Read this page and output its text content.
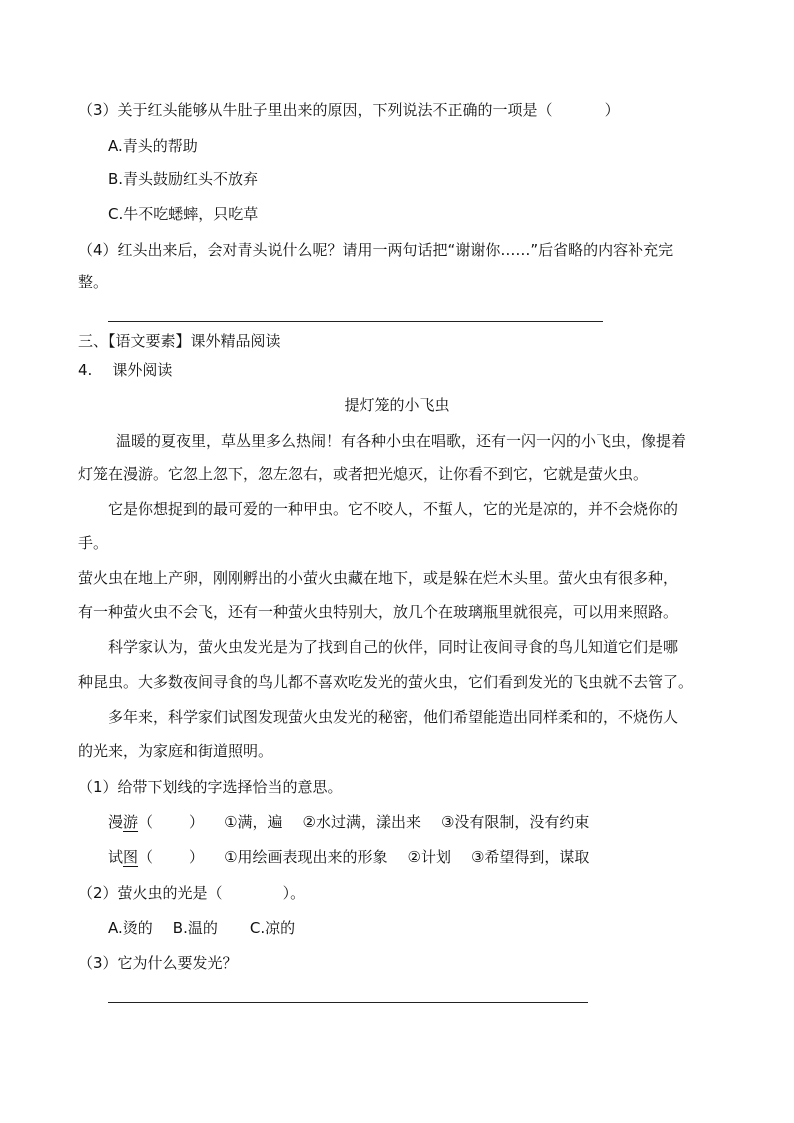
（3）关于红头能够从牛肚子里出来的原因，下列说法不正确的一项是（	）
A.青头的帮助
B.青头鼓励红头不放弃
C.牛不吃蟋蟀，只吃草
（4）红头出来后，会对青头说什么呢？请用一两句话把“谢谢你……”后省略的内容补充完
整。
三、【语文要素】课外精品阅读
4. 课外阅读
提灯笼的小飞虫
温暖的夏夜里，草丛里多么热闹！有各种小虫在唱歌，还有一闪一闪的小飞虫，像提着
灯笼在漫游。它忽上忽下，忽左忽右，或者把光熄灭，让你看不到它，它就是萤火虫。
它是你想捉到的最可爱的一种甲虫。它不咬人，不蜇人，它的光是凉的，并不会烧你的
手。
萤火虫在地上产卵，刚刚孵出的小萤火虫藏在地下，或是躲在烂木头里。萤火虫有很多种，
有一种萤火虫不会飞，还有一种萤火虫特别大，放几个在玻璃瓶里就很亮，可以用来照路。
科学家认为，萤火虫发光是为了找到自己的伙伴，同时让夜间寻食的鸟儿知道它们是哪
种昆虫。大多数夜间寻食的鸟儿都不喜欢吃发光的萤火虫，它们看到发光的飞虫就不去管了。
多年来，科学家们试图发现萤火虫发光的秘密，他们希望能造出同样柔和的，不烧伤人
的光来，为家庭和街道照明。
（1）给带下划线的字选择恰当的意思。
漫游（ ） ①满，遍 ②水过满，漾出来 ③没有限制，没有约束
试图（ ） ①用绘画表现出来的形象 ②计划 ③希望得到，谋取
（2）萤火虫的光是（	）。
A.烫的 B.温的 C.凉的
（3）它为什么要发光？
